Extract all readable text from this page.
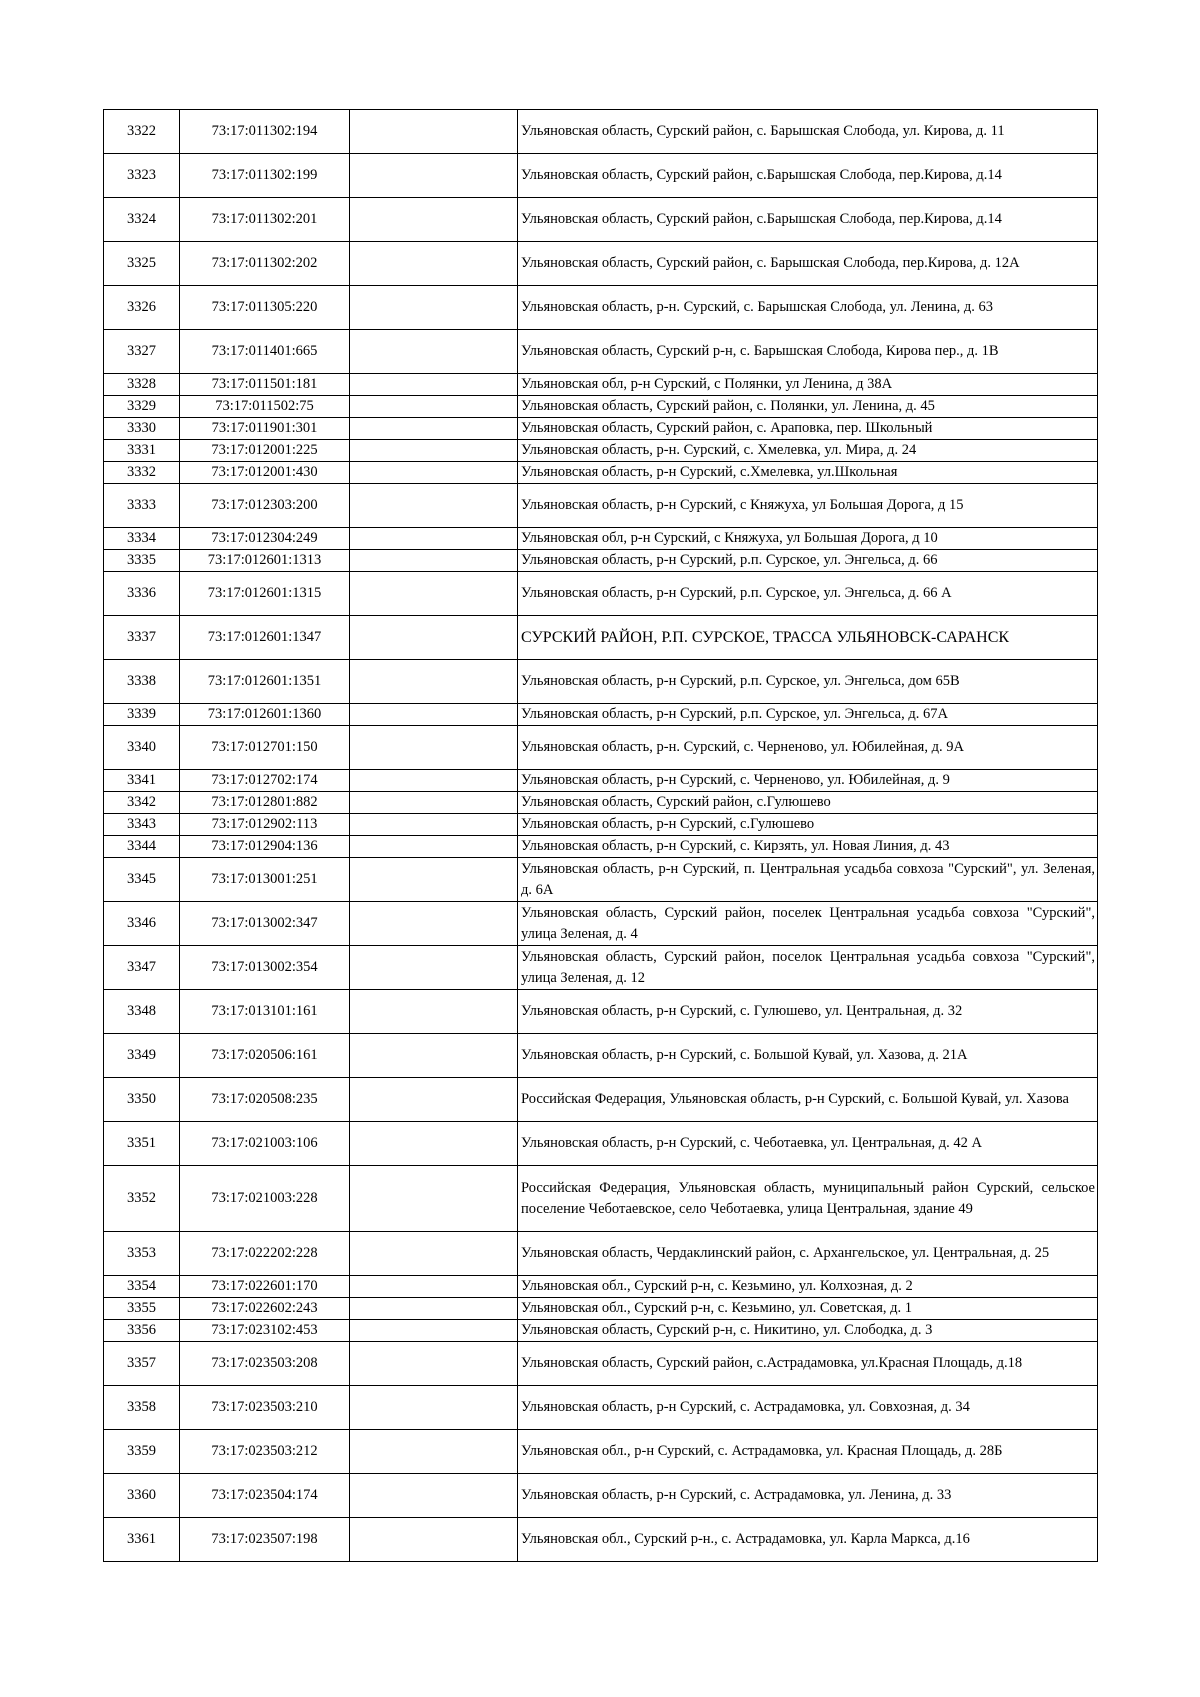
3322	73:17:011302:194		Ульяновская область, Сурский район, с. Барышская Слобода, ул. Кирова, д. 11
3323	73:17:011302:199		Ульяновская область, Сурский район, с.Барышская Слобода, пер.Кирова, д.14
3324	73:17:011302:201		Ульяновская область, Сурский район, с.Барышская Слобода, пер.Кирова, д.14
3325	73:17:011302:202		Ульяновская область, Сурский район, с. Барышская Слобода, пер.Кирова, д. 12А
3326	73:17:011305:220		Ульяновская область, р-н. Сурский, с. Барышская Слобода, ул. Ленина, д. 63
3327	73:17:011401:665		Ульяновская область, Сурский р-н, с. Барышская Слобода, Кирова пер., д. 1В
3328	73:17:011501:181		Ульяновская обл, р-н Сурский, с Полянки, ул Ленина, д 38А
3329	73:17:011502:75		Ульяновская область, Сурский район, с. Полянки, ул. Ленина, д. 45
3330	73:17:011901:301		Ульяновская область, Сурский район, с. Араповка, пер. Школьный
3331	73:17:012001:225		Ульяновская область, р-н. Сурский, с. Хмелевка, ул. Мира, д. 24
3332	73:17:012001:430		Ульяновская область, р-н Сурский, с.Хмелевка, ул.Школьная
3333	73:17:012303:200		Ульяновская область, р-н Сурский, с Княжуха, ул Большая Дорога, д 15
3334	73:17:012304:249		Ульяновская обл, р-н Сурский, с Княжуха, ул Большая Дорога, д 10
3335	73:17:012601:1313		Ульяновская область, р-н Сурский, р.п. Сурское, ул. Энгельса, д. 66
3336	73:17:012601:1315		Ульяновская область, р-н Сурский, р.п. Сурское, ул. Энгельса, д. 66 А
3337	73:17:012601:1347		СУРСКИЙ РАЙОН, Р.П. СУРСКОЕ, ТРАССА УЛЬЯНОВСК-САРАНСК
3338	73:17:012601:1351		Ульяновская область, р-н Сурский, р.п. Сурское, ул. Энгельса, дом 65В
3339	73:17:012601:1360		Ульяновская область, р-н Сурский, р.п. Сурское, ул. Энгельса, д. 67А
3340	73:17:012701:150		Ульяновская область, р-н. Сурский, с. Черненово, ул. Юбилейная, д. 9А
3341	73:17:012702:174		Ульяновская область, р-н Сурский, с. Черненово, ул. Юбилейная, д. 9
3342	73:17:012801:882		Ульяновская область, Сурский район, с.Гулюшево
3343	73:17:012902:113		Ульяновская область, р-н Сурский, с.Гулюшево
3344	73:17:012904:136		Ульяновская область, р-н Сурский, с. Кирзять, ул. Новая Линия, д. 43
3345	73:17:013001:251		Ульяновская область, р-н Сурский, п. Центральная усадьба совхоза "Сурский", ул. Зеленая, д. 6А
3346	73:17:013002:347		Ульяновская область, Сурский район, поселек Центральная усадьба совхоза "Сурский", улица Зеленая, д. 4
3347	73:17:013002:354		Ульяновская область, Сурский район, поселок Центральная усадьба совхоза "Сурский", улица Зеленая, д. 12
3348	73:17:013101:161		Ульяновская область, р-н Сурский, с. Гулюшево, ул. Центральная, д. 32
3349	73:17:020506:161		Ульяновская область, р-н Сурский, с. Большой Кувай, ул. Хазова, д. 21А
3350	73:17:020508:235		Российская Федерация, Ульяновская область, р-н Сурский, с. Большой Кувай, ул. Хазова
3351	73:17:021003:106		Ульяновская область, р-н Сурский, с. Чеботаевка, ул. Центральная, д. 42 А
3352	73:17:021003:228		Российская Федерация, Ульяновская область, муниципальный район Сурский, сельское поселение Чеботаевское, село Чеботаевка, улица Центральная, здание 49
3353	73:17:022202:228		Ульяновская область, Чердаклинский район, с. Архангельское, ул. Центральная, д. 25
3354	73:17:022601:170		Ульяновская обл., Сурский р-н, с. Кезьмино, ул. Колхозная, д. 2
3355	73:17:022602:243		Ульяновская обл., Сурский р-н, с. Кезьмино, ул. Советская, д. 1
3356	73:17:023102:453		Ульяновская область, Сурский р-н, с. Никитино, ул. Слободка, д. 3
3357	73:17:023503:208		Ульяновская область, Сурский район, с.Астрадамовка, ул.Красная Площадь, д.18
3358	73:17:023503:210		Ульяновская область, р-н Сурский, с. Астрадамовка, ул. Совхозная, д. 34
3359	73:17:023503:212		Ульяновская обл., р-н Сурский, с. Астрадамовка, ул. Красная Площадь, д. 28Б
3360	73:17:023504:174		Ульяновская область, р-н Сурский, с. Астрадамовка, ул. Ленина, д. 33
3361	73:17:023507:198		Ульяновская обл., Сурский р-н., с. Астрадамовка, ул. Карла Маркса, д.16
